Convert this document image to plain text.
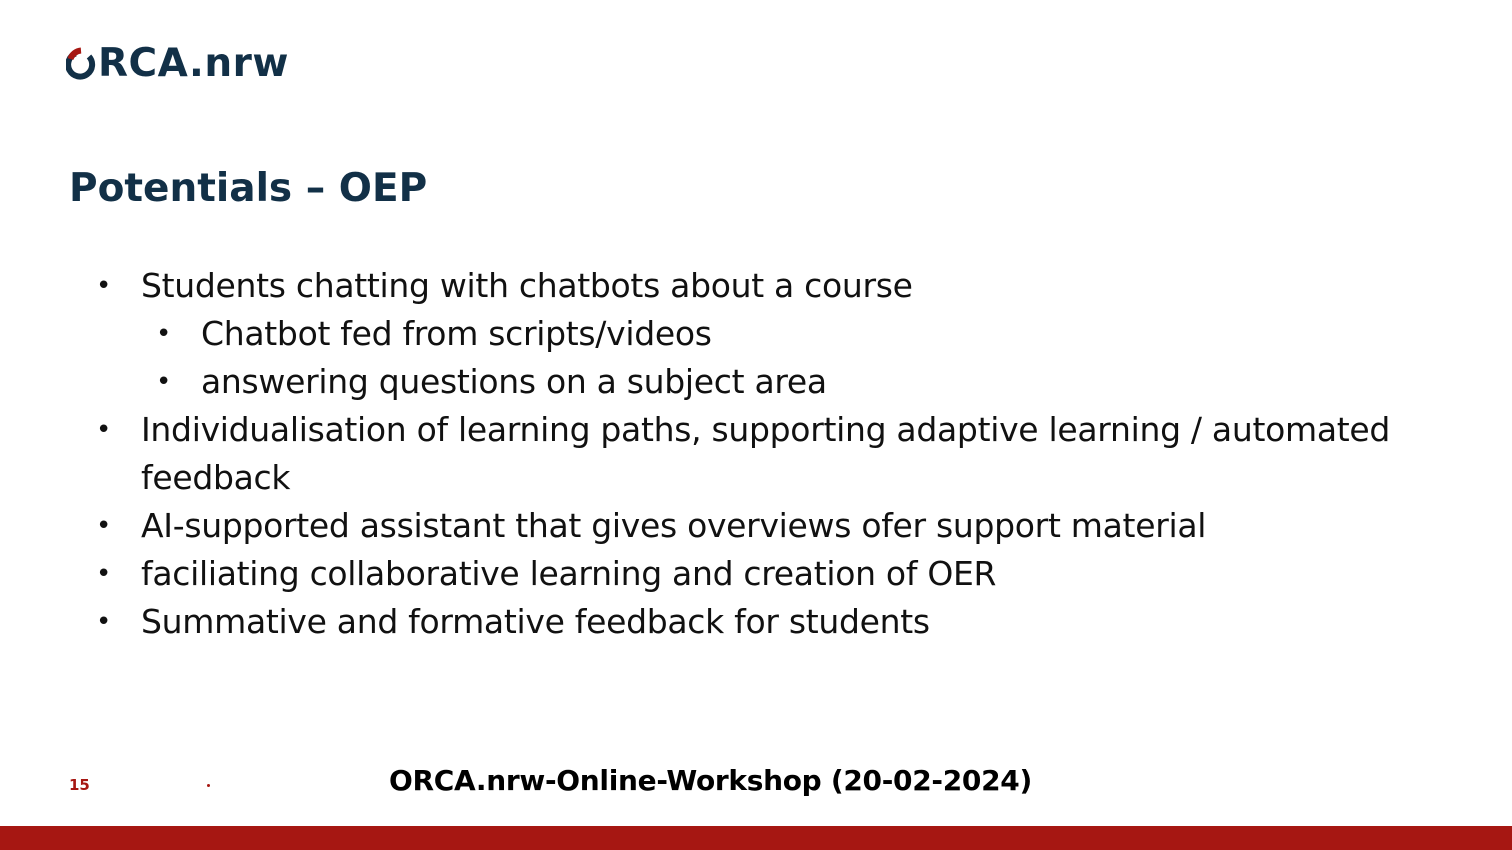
RCA.nrw
Potentials – OEP
• Students chatting with chatbots about a course
• Chatbot fed from scripts/videos
• answering questions on a subject area
• Individualisation of learning paths, supporting adaptive learning / automated feedback
• AI-supported assistant that gives overviews ofer support material
• faciliating collaborative learning and creation of OER
• Summative and formative feedback for students
15	ORCA.nrw-Online-Workshop (20-02-2024)
